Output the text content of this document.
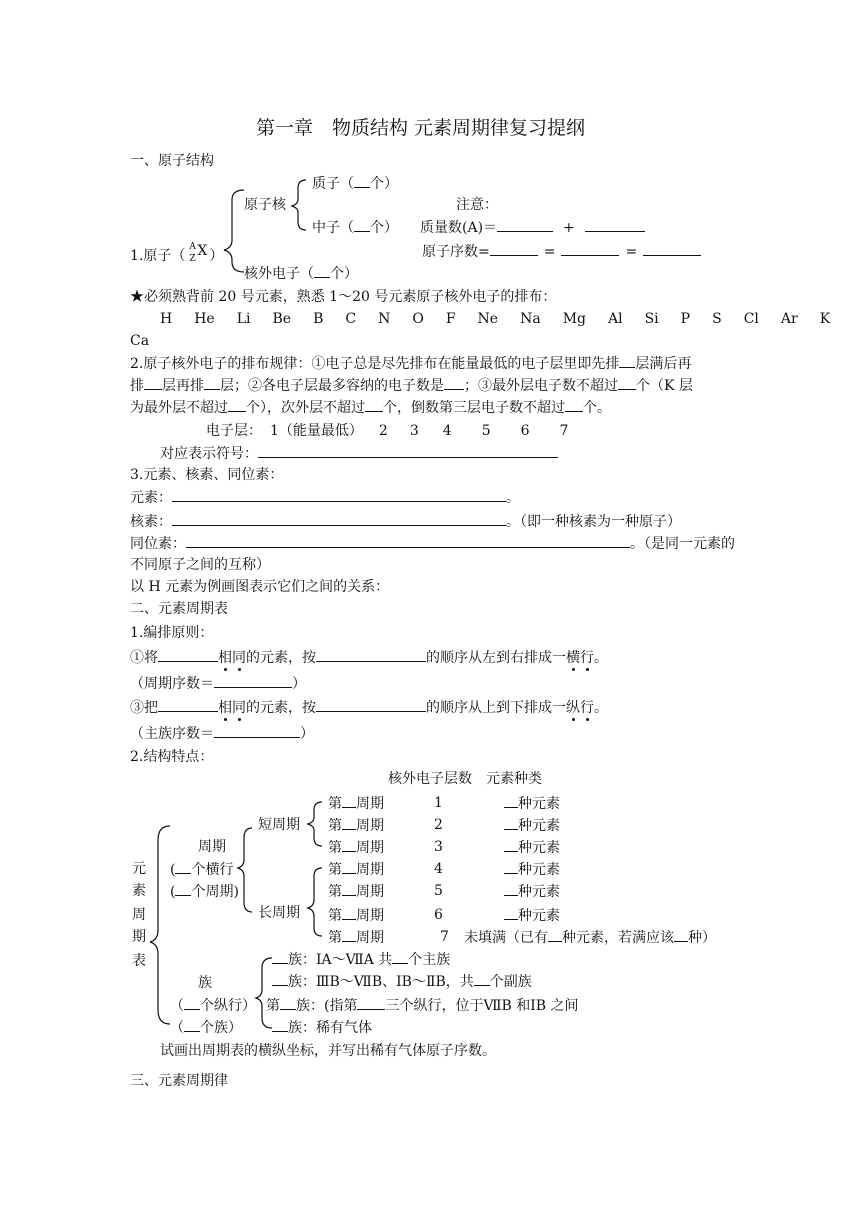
第一章　物质结构 元素周期律复习提纲
一、原子结构
质子（ 个）
原子核	注意：
中子（ 个） 质量数(A)＝	+
1.原子（
A
Z X ）	原子序数=	=	=
核外电子（ 个）
★必须熟背前 20 号元素，熟悉 1～20 号元素原子核外电子的排布：
H He Li Be B C N O F Ne Na Mg Al Si P S Cl Ar K
Ca
2.原子核外电子的排布规律：①电子总是尽先排布在能量最低的电子层里即先排 层满后再
排 层再排 层；②各电子层最多容纳的电子数是 ；③最外层电子数不超过 个（K 层
为最外层不超过 个），次外层不超过 个，倒数第三层电子数不超过 个。
电子层： 1（能量最低） 2 3 4 5 6 7
对应表示符号：
3.元素、核素、同位素：
元素：	。
核素：	。（即一种核素为一种原子）
同位素：	。（是同一元素的
不同原子之间的互称）
以 H 元素为例画图表示它们之间的关系：
二、元素周期表
1.编排原则：
①将	相同的元素，按	的顺序从左到右排成一横行。
（周期序数＝	）
③把	相同的元素，按	的顺序从上到下排成一纵行。
（主族序数＝	）
2.结构特点：
核外电子层数 元素种类
短周期
周期
( 个横行
( 个周期)
长周期
元
素
周
期
表
第 周期	1	种元素
第 周期	2	种元素
第 周期	3	种元素
第 周期	4	种元素
第 周期	5	种元素
第 周期	6	种元素
第 周期	7 未填满（已有 种元素，若满应该 种）
族
（ 个纵行）
（ 个族）
族：ⅠA～ⅦA 共 个主族
族：ⅢB～ⅦB、ⅠB～ⅡB，共 个副族
第 族：(指第 三个纵行，位于ⅦB 和ⅠB 之间
族：稀有气体
试画出周期表的横纵坐标，并写出稀有气体原子序数。
三、元素周期律
